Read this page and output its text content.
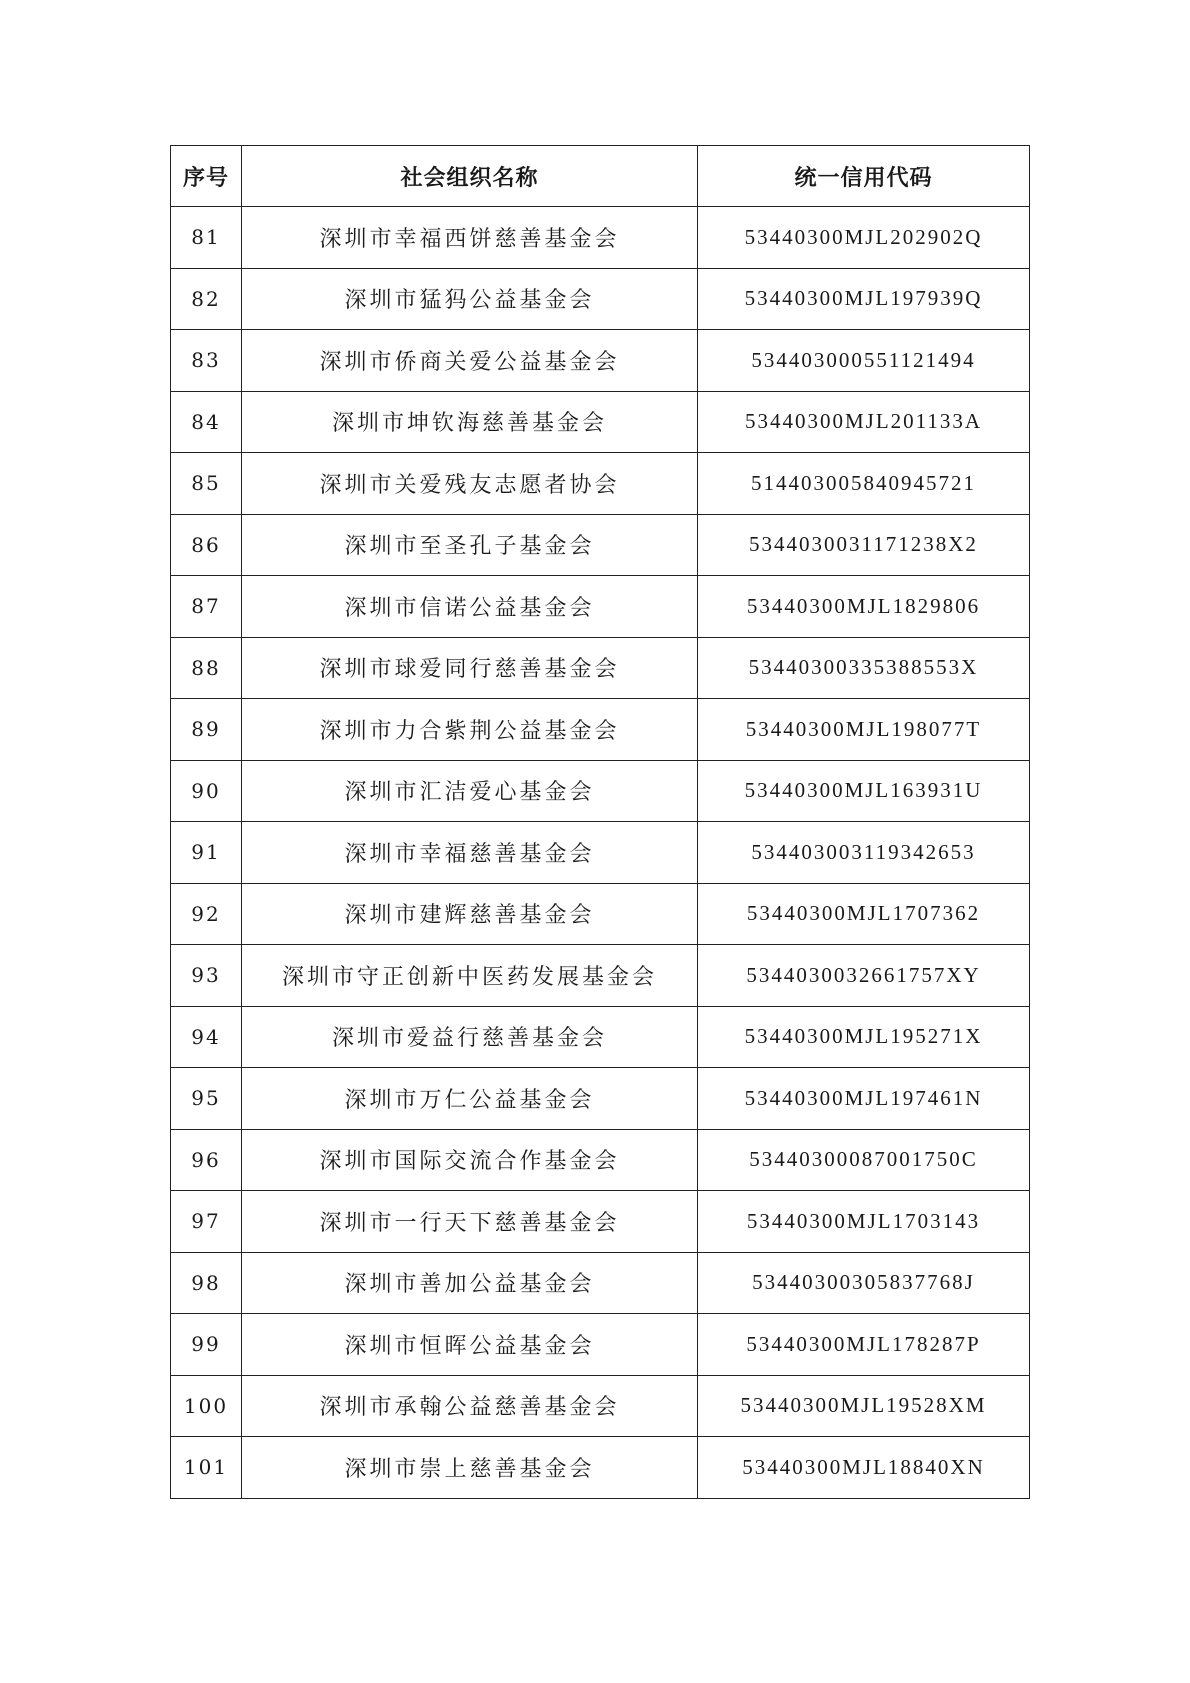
序号	社会组织名称	统一信用代码
81	深圳市幸福西饼慈善基金会	53440300MJL202902Q
82	深圳市猛犸公益基金会	53440300MJL197939Q
83	深圳市侨商关爱公益基金会	534403000551121494
84	深圳市坤钦海慈善基金会	53440300MJL201133A
85	深圳市关爱残友志愿者协会	514403005840945721
86	深圳市至圣孔子基金会	5344030031171238X2
87	深圳市信诺公益基金会	53440300MJL1829806
88	深圳市球爱同行慈善基金会	53440300335388553X
89	深圳市力合紫荆公益基金会	53440300MJL198077T
90	深圳市汇洁爱心基金会	53440300MJL163931U
91	深圳市幸福慈善基金会	534403003119342653
92	深圳市建辉慈善基金会	53440300MJL1707362
93	深圳市守正创新中医药发展基金会	5344030032661757XY
94	深圳市爱益行慈善基金会	53440300MJL195271X
95	深圳市万仁公益基金会	53440300MJL197461N
96	深圳市国际交流合作基金会	53440300087001750C
97	深圳市一行天下慈善基金会	53440300MJL1703143
98	深圳市善加公益基金会	53440300305837768J
99	深圳市恒晖公益基金会	53440300MJL178287P
100	深圳市承翰公益慈善基金会	53440300MJL19528XM
101	深圳市崇上慈善基金会	53440300MJL18840XN
